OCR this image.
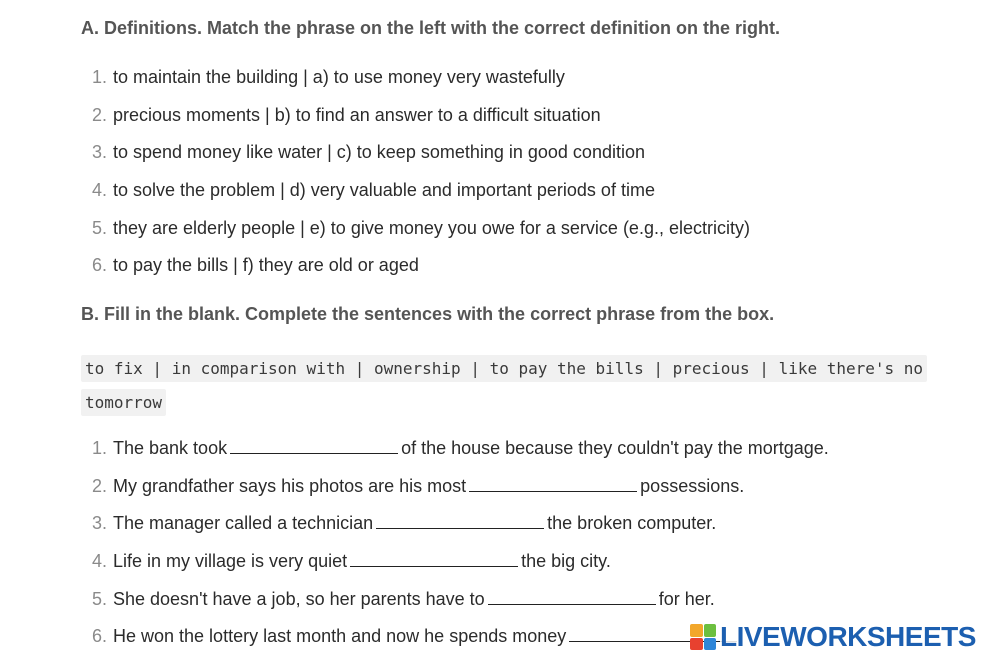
A. Definitions. Match the phrase on the left with the correct definition on the right.
1. to maintain the building | a) to use money very wastefully
2. precious moments | b) to find an answer to a difficult situation
3. to spend money like water | c) to keep something in good condition
4. to solve the problem | d) very valuable and important periods of time
5. they are elderly people | e) to give money you owe for a service (e.g., electricity)
6. to pay the bills | f) they are old or aged
B. Fill in the blank. Complete the sentences with the correct phrase from the box.
to fix | in comparison with | ownership | to pay the bills | precious | like there's no
tomorrow
1. The bank took	of the house because they couldn't pay the mortgage.
2. My grandfather says his photos are his most	possessions.
3. The manager called a technician	the broken computer.
4. Life in my village is very quiet	the big city.
5. She doesn't have a job, so her parents have to	for her.
6. He won the lottery last month and now he spends money	LIVEWORKSHEETS
